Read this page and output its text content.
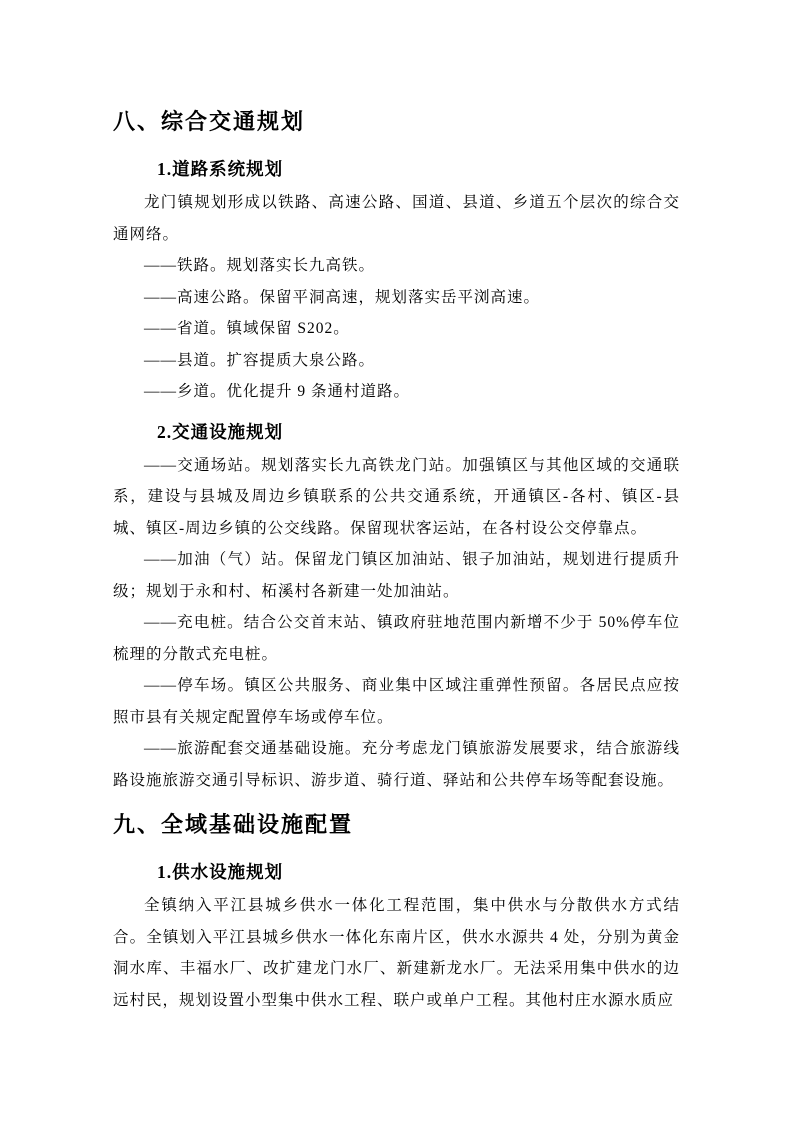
八、综合交通规划
1.道路系统规划

龙门镇规划形成以铁路、高速公路、国道、县道、乡道五个层次的综合交通网络。

——铁路。规划落实长九高铁。

——高速公路。保留平洞高速，规划落实岳平浏高速。

——省道。镇域保留 S202。

——县道。扩容提质大泉公路。

——乡道。优化提升 9 条通村道路。

2.交通设施规划

——交通场站。规划落实长九高铁龙门站。加强镇区与其他区域的交通联系，建设与县城及周边乡镇联系的公共交通系统，开通镇区-各村、镇区-县城、镇区-周边乡镇的公交线路。保留现状客运站，在各村设公交停靠点。

——加油（气）站。保留龙门镇区加油站、银子加油站，规划进行提质升级；规划于永和村、柘溪村各新建一处加油站。

——充电桩。结合公交首末站、镇政府驻地范围内新增不少于 50%停车位梳理的分散式充电桩。

——停车场。镇区公共服务、商业集中区域注重弹性预留。各居民点应按照市县有关规定配置停车场或停车位。

——旅游配套交通基础设施。充分考虑龙门镇旅游发展要求，结合旅游线路设施旅游交通引导标识、游步道、骑行道、驿站和公共停车场等配套设施。

九、全域基础设施配置
1.供水设施规划

全镇纳入平江县城乡供水一体化工程范围，集中供水与分散供水方式结合。全镇划入平江县城乡供水一体化东南片区，供水水源共 4 处，分别为黄金洞水库、丰福水厂、改扩建龙门水厂、新建新龙水厂。无法采用集中供水的边远村民，规划设置小型集中供水工程、联户或单户工程。其他村庄水源水质应
